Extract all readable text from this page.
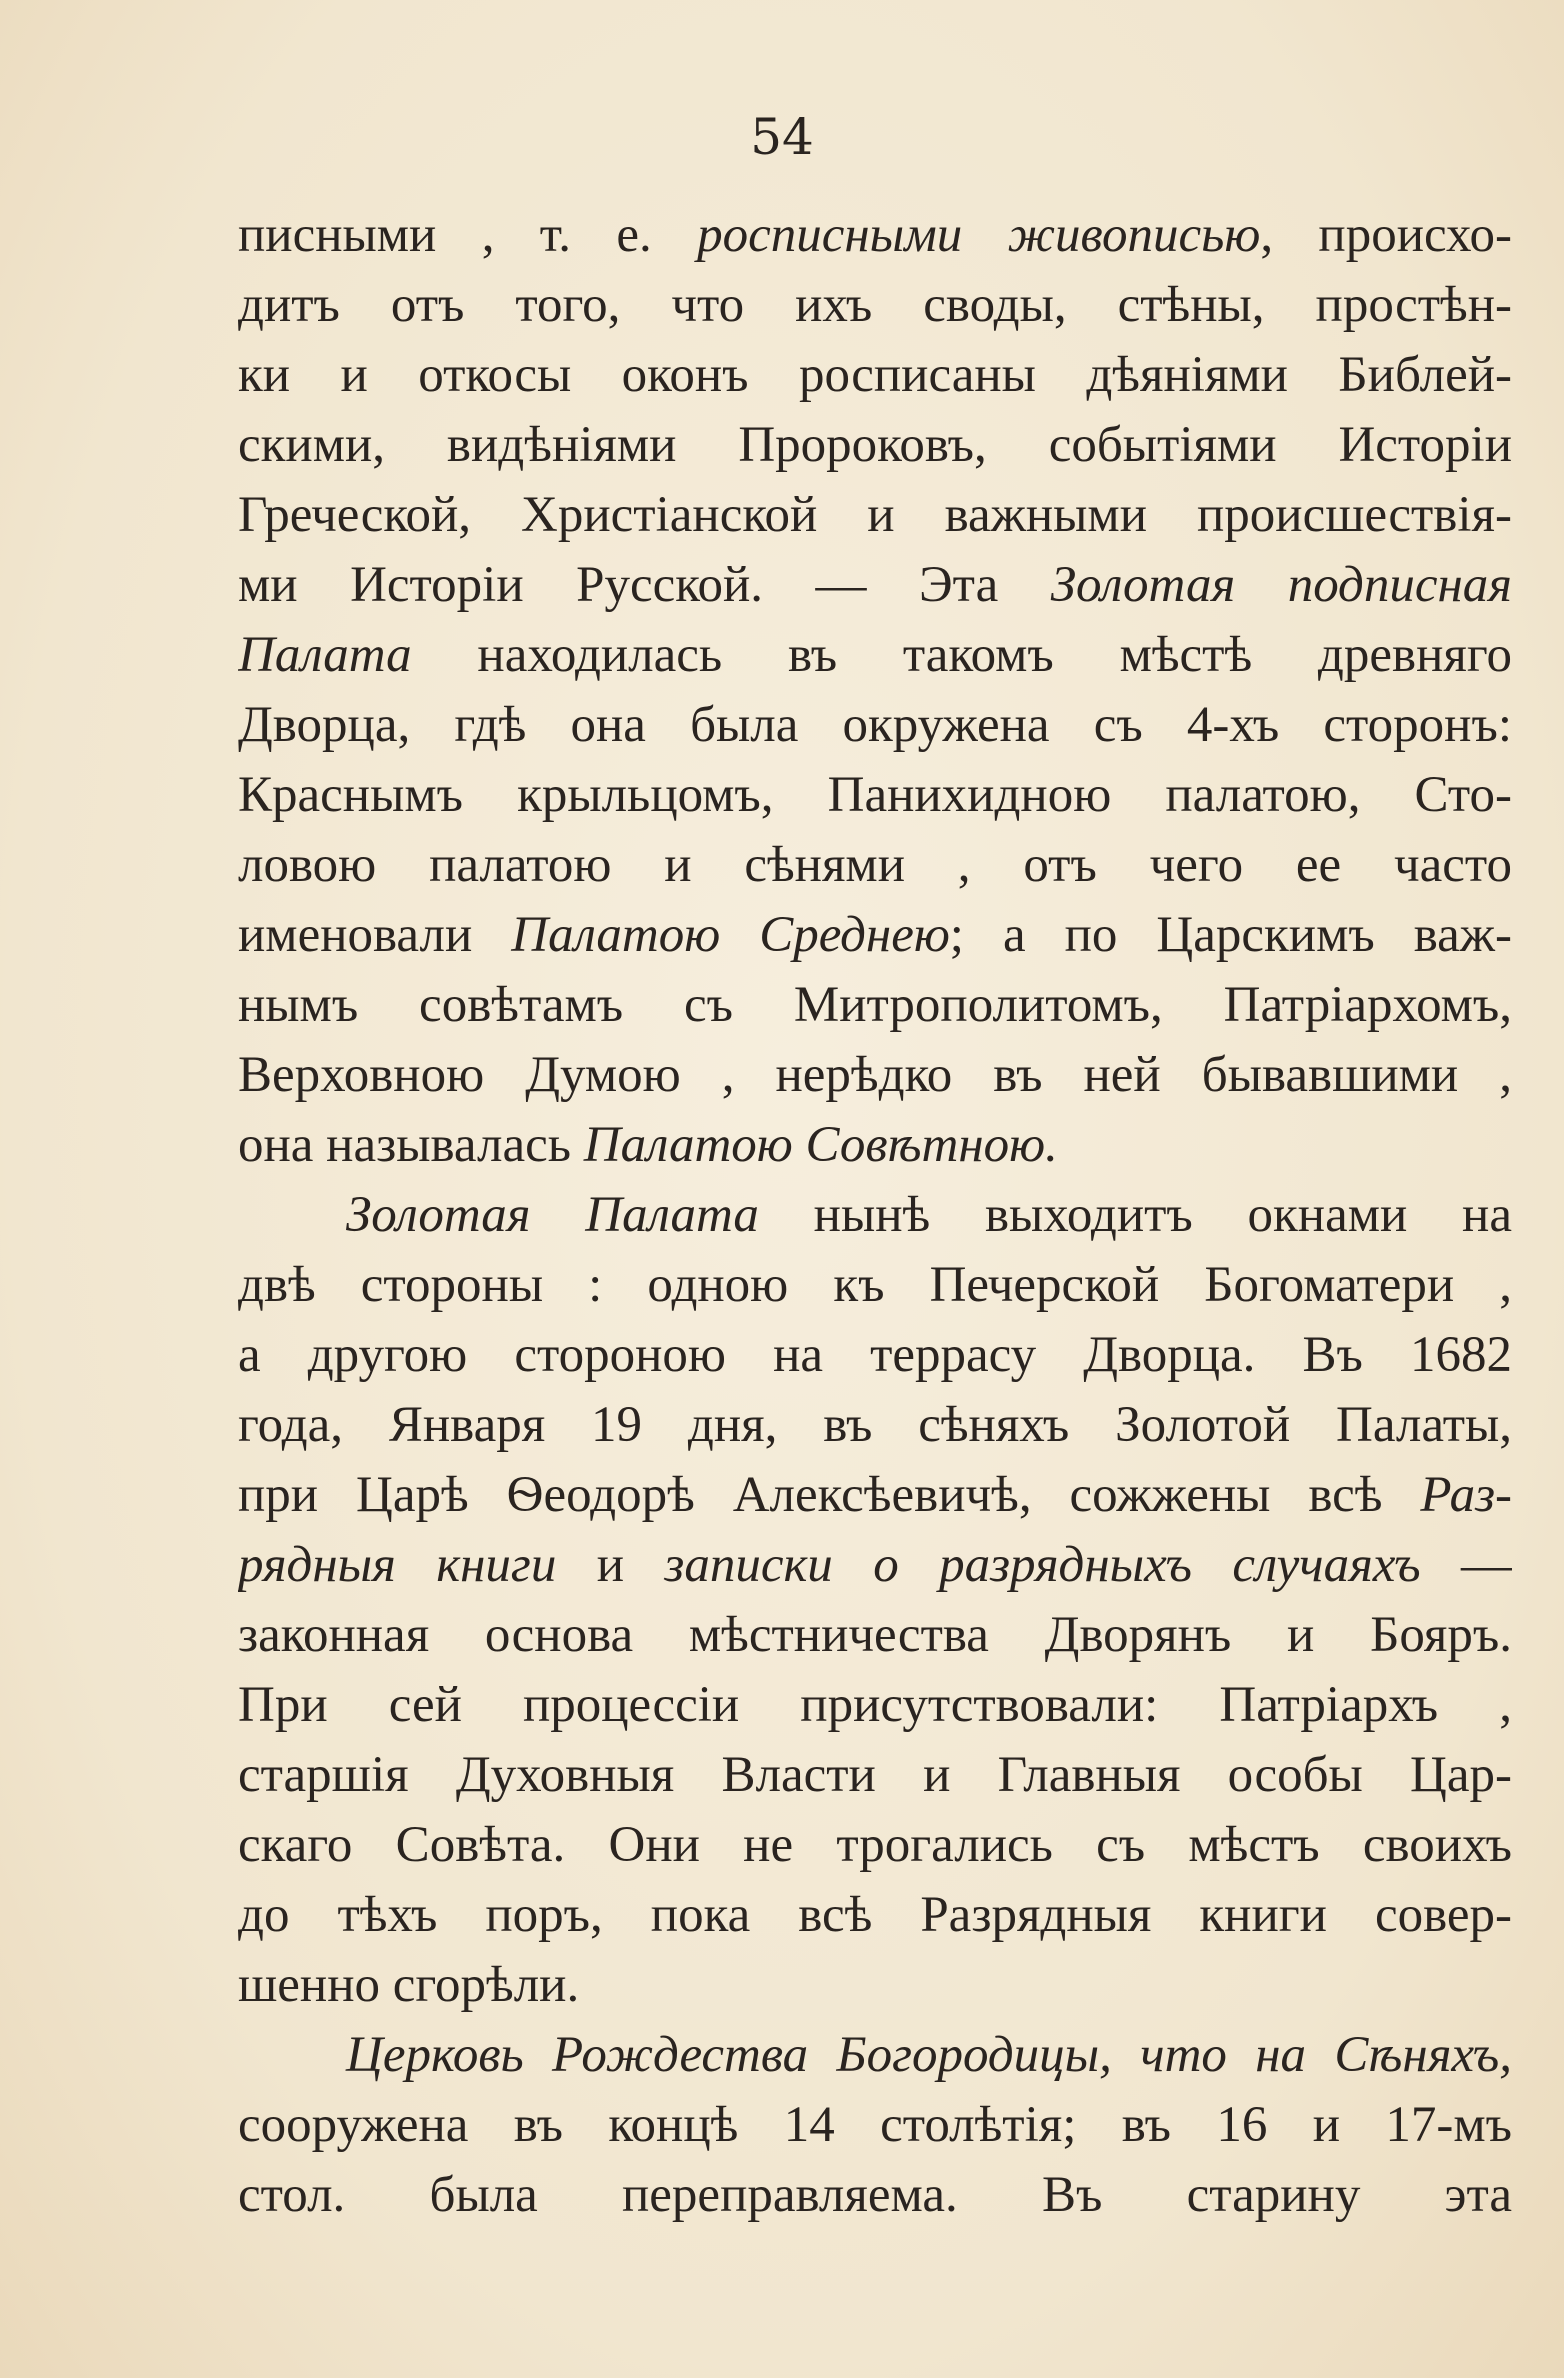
54
писными , т. е. росписными живописью, происхо-
дитъ отъ того, что ихъ своды, стѣны, простѣн-
ки и откосы оконъ росписаны дѣяніями Библей-
скими, видѣніями Пророковъ, событіями Исторіи
Греческой, Христіанской и важными происшествія-
ми Исторіи Русской. — Эта Золотая подписная
Палата находилась въ такомъ мѣстѣ древняго
Дворца, гдѣ она была окружена съ 4-хъ сторонъ:
Краснымъ крыльцомъ, Панихидною палатою, Сто-
ловою палатою и сѣнями , отъ чего ее часто
именовали Палатою Среднею; а по Царскимъ важ-
нымъ совѣтамъ съ Митрополитомъ, Патріархомъ,
Верховною Думою , нерѣдко въ ней бывавшими ,
она называлась Палатою Совѣтною.
Золотая Палата нынѣ выходитъ окнами на
двѣ стороны : одною къ Печерской Богоматери ,
а другою стороною на террасу Дворца. Въ 1682
года, Января 19 дня, въ сѣняхъ Золотой Палаты,
при Царѣ Ѳеодорѣ Алексѣевичѣ, сожжены всѣ Раз-
рядныя книги и записки о разрядныхъ случаяхъ —
законная основа мѣстничества Дворянъ и Бояръ.
При сей процессіи присутствовали: Патріархъ ,
старшія Духовныя Власти и Главныя особы Цар-
скаго Совѣта. Они не трогались съ мѣстъ своихъ
до тѣхъ поръ, пока всѣ Разрядныя книги совер-
шенно сгорѣли.
Церковь Рождества Богородицы, что на Сѣняхъ,
сооружена въ концѣ 14 столѣтія; въ 16 и 17-мъ
стол. была переправляема. Въ старину эта
